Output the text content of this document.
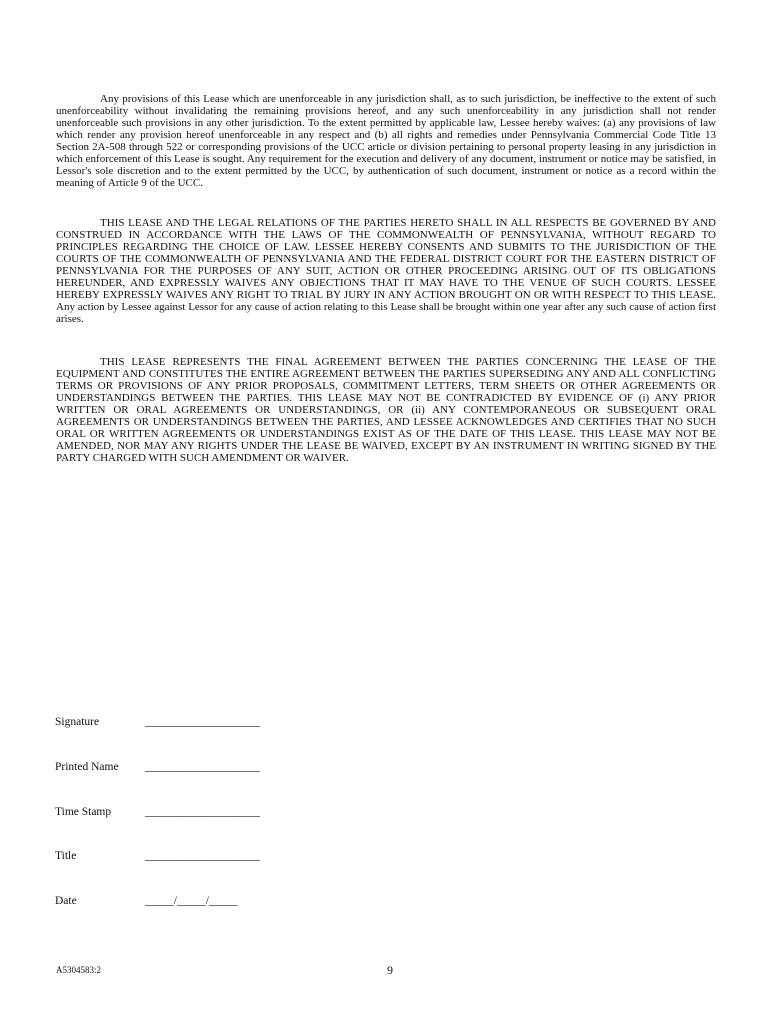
Any provisions of this Lease which are unenforceable in any jurisdiction shall, as to such jurisdiction, be ineffective to the extent of such unenforceability without invalidating the remaining provisions hereof, and any such unenforceability in any jurisdiction shall not render unenforceable such provisions in any other jurisdiction. To the extent permitted by applicable law, Lessee hereby waives: (a) any provisions of law which render any provision hereof unenforceable in any respect and (b) all rights and remedies under Pennsylvania Commercial Code Title 13 Section 2A-508 through 522 or corresponding provisions of the UCC article or division pertaining to personal property leasing in any jurisdiction in which enforcement of this Lease is sought. Any requirement for the execution and delivery of any document, instrument or notice may be satisfied, in Lessor's sole discretion and to the extent permitted by the UCC, by authentication of such document, instrument or notice as a record within the meaning of Article 9 of the UCC.

THIS LEASE AND THE LEGAL RELATIONS OF THE PARTIES HERETO SHALL IN ALL RESPECTS BE GOVERNED BY AND CONSTRUED IN ACCORDANCE WITH THE LAWS OF THE COMMONWEALTH OF PENNSYLVANIA, WITHOUT REGARD TO PRINCIPLES REGARDING THE CHOICE OF LAW. LESSEE HEREBY CONSENTS AND SUBMITS TO THE JURISDICTION OF THE COURTS OF THE COMMONWEALTH OF PENNSYLVANIA AND THE FEDERAL DISTRICT COURT FOR THE EASTERN DISTRICT OF PENNSYLVANIA FOR THE PURPOSES OF ANY SUIT, ACTION OR OTHER PROCEEDING ARISING OUT OF ITS OBLIGATIONS HEREUNDER, AND EXPRESSLY WAIVES ANY OBJECTIONS THAT IT MAY HAVE TO THE VENUE OF SUCH COURTS. LESSEE HEREBY EXPRESSLY WAIVES ANY RIGHT TO TRIAL BY JURY IN ANY ACTION BROUGHT ON OR WITH RESPECT TO THIS LEASE. Any action by Lessee against Lessor for any cause of action relating to this Lease shall be brought within one year after any such cause of action first arises.

THIS LEASE REPRESENTS THE FINAL AGREEMENT BETWEEN THE PARTIES CONCERNING THE LEASE OF THE EQUIPMENT AND CONSTITUTES THE ENTIRE AGREEMENT BETWEEN THE PARTIES SUPERSEDING ANY AND ALL CONFLICTING TERMS OR PROVISIONS OF ANY PRIOR PROPOSALS, COMMITMENT LETTERS, TERM SHEETS OR OTHER AGREEMENTS OR UNDERSTANDINGS BETWEEN THE PARTIES. THIS LEASE MAY NOT BE CONTRADICTED BY EVIDENCE OF (i) ANY PRIOR WRITTEN OR ORAL AGREEMENTS OR UNDERSTANDINGS, OR (ii) ANY CONTEMPORANEOUS OR SUBSEQUENT ORAL AGREEMENTS OR UNDERSTANDINGS BETWEEN THE PARTIES, AND LESSEE ACKNOWLEDGES AND CERTIFIES THAT NO SUCH ORAL OR WRITTEN AGREEMENTS OR UNDERSTANDINGS EXIST AS OF THE DATE OF THIS LEASE. THIS LEASE MAY NOT BE AMENDED, NOR MAY ANY RIGHTS UNDER THE LEASE BE WAIVED, EXCEPT BY AN INSTRUMENT IN WRITING SIGNED BY THE PARTY CHARGED WITH SUCH AMENDMENT OR WAIVER.

Signature	____________________
Printed Name ____________________
Time Stamp	____________________
Title	____________________
Date	_____/_____/_____
A5304583:2	9
